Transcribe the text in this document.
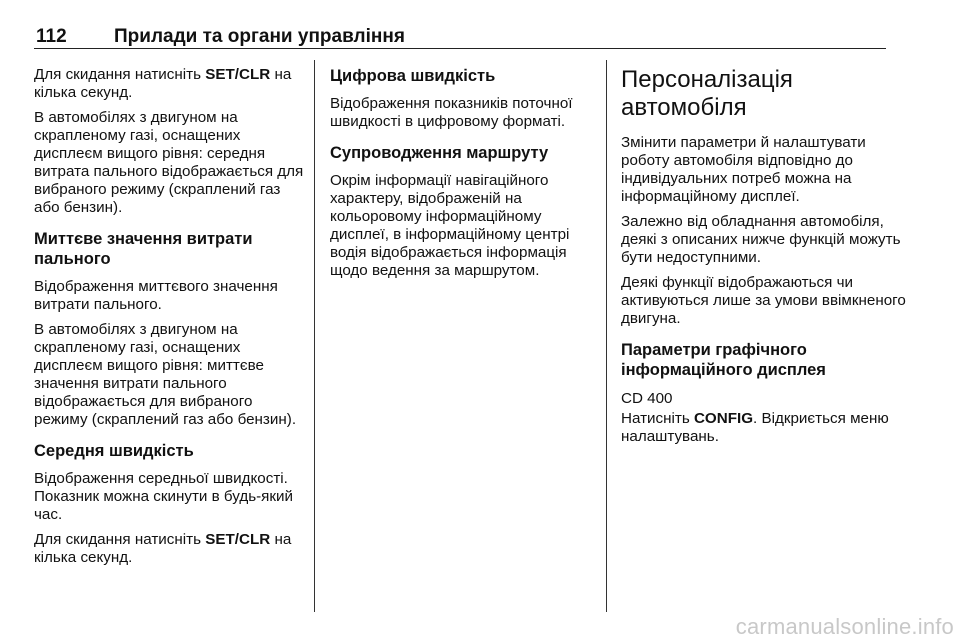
112 Прилади та органи управління

Для скидання натисніть SET/CLR на кілька секунд.

В автомобілях з двигуном на скрапленому газі, оснащених дисплеєм вищого рівня: середня витрата пального відображається для вибраного режиму (скраплений газ або бензин).

Миттєве значення витрати пального

Відображення миттєвого значення витрати пального.

В автомобілях з двигуном на скрапленому газі, оснащених дисплеєм вищого рівня: миттєве значення витрати пального відображається для вибраного режиму (скраплений газ або бензин).

Середня швидкість

Відображення середньої швидкості. Показник можна скинути в будь-який час.

Для скидання натисніть SET/CLR на кілька секунд.

Цифрова швидкість

Відображення показників поточної швидкості в цифровому форматі.

Супроводження маршруту

Окрім інформації навігаційного характеру, відображеній на кольоровому інформаційному дисплеї, в інформаційному центрі водія відображається інформація щодо ведення за маршрутом.

Персоналізація автомобіля

Змінити параметри й налаштувати роботу автомобіля відповідно до індивідуальних потреб можна на інформаційному дисплеї.

Залежно від обладнання автомобіля, деякі з описаних нижче функцій можуть бути недоступними.

Деякі функції відображаються чи активуються лише за умови ввімкненого двигуна.

Параметри графічного інформаційного дисплея

CD 400

Натисніть CONFIG. Відкриється меню налаштувань.

carmanualsonline.info
